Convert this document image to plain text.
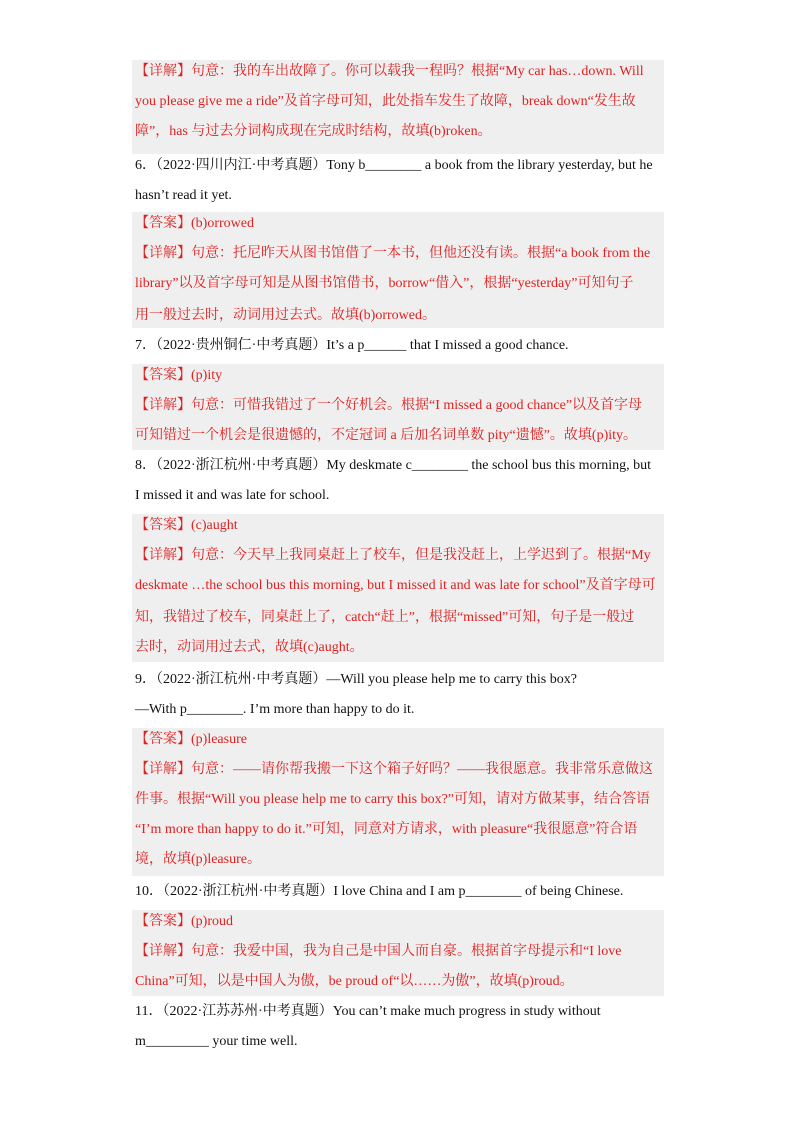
【详解】句意：我的车出故障了。你可以载我一程吗？根据“My car has…down. Will
you please give me a ride”及首字母可知，此处指车发生了故障，break down“发生故
障”，has 与过去分词构成现在完成时结构，故填(b)roken。
6．（2022·四川内江·中考真题）Tony b________ a book from the library yesterday, but he
hasn’t read it yet.
【答案】(b)orrowed
【详解】句意：托尼昨天从图书馆借了一本书，但他还没有读。根据“a book from the
library”以及首字母可知是从图书馆借书，borrow“借入”，根据“yesterday”可知句子
用一般过去时，动词用过去式。故填(b)orrowed。
7．（2022·贵州铜仁·中考真题）It’s a p______ that I missed a good chance.
【答案】(p)ity
【详解】句意：可惜我错过了一个好机会。根据“I missed a good chance”以及首字母
可知错过一个机会是很遗憾的，不定冠词 a 后加名词单数 pity“遗憾”。故填(p)ity。
8．（2022·浙江杭州·中考真题）My deskmate c________ the school bus this morning, but
I missed it and was late for school.
【答案】(c)aught
【详解】句意：今天早上我同桌赶上了校车，但是我没赶上，上学迟到了。根据“My
deskmate …the school bus this morning, but I missed it and was late for school”及首字母可
知，我错过了校车，同桌赶上了，catch“赶上”，根据“missed”可知，句子是一般过
去时，动词用过去式，故填(c)aught。
9．（2022·浙江杭州·中考真题）—Will you please help me to carry this box?
—With p________. I’m more than happy to do it.
【答案】(p)leasure
【详解】句意：——请你帮我搬一下这个箱子好吗？——我很愿意。我非常乐意做这
件事。根据“Will you please help me to carry this box?”可知，请对方做某事，结合答语
“I’m more than happy to do it.”可知，同意对方请求，with pleasure“我很愿意”符合语
境，故填(p)leasure。
10．（2022·浙江杭州·中考真题）I love China and I am p________ of being Chinese.
【答案】(p)roud
【详解】句意：我爱中国，我为自己是中国人而自豪。根据首字母提示和“I love
China”可知，以是中国人为傲，be proud of“以……为傲”，故填(p)roud。
11．（2022·江苏苏州·中考真题）You can’t make much progress in study without
m_________ your time well.
